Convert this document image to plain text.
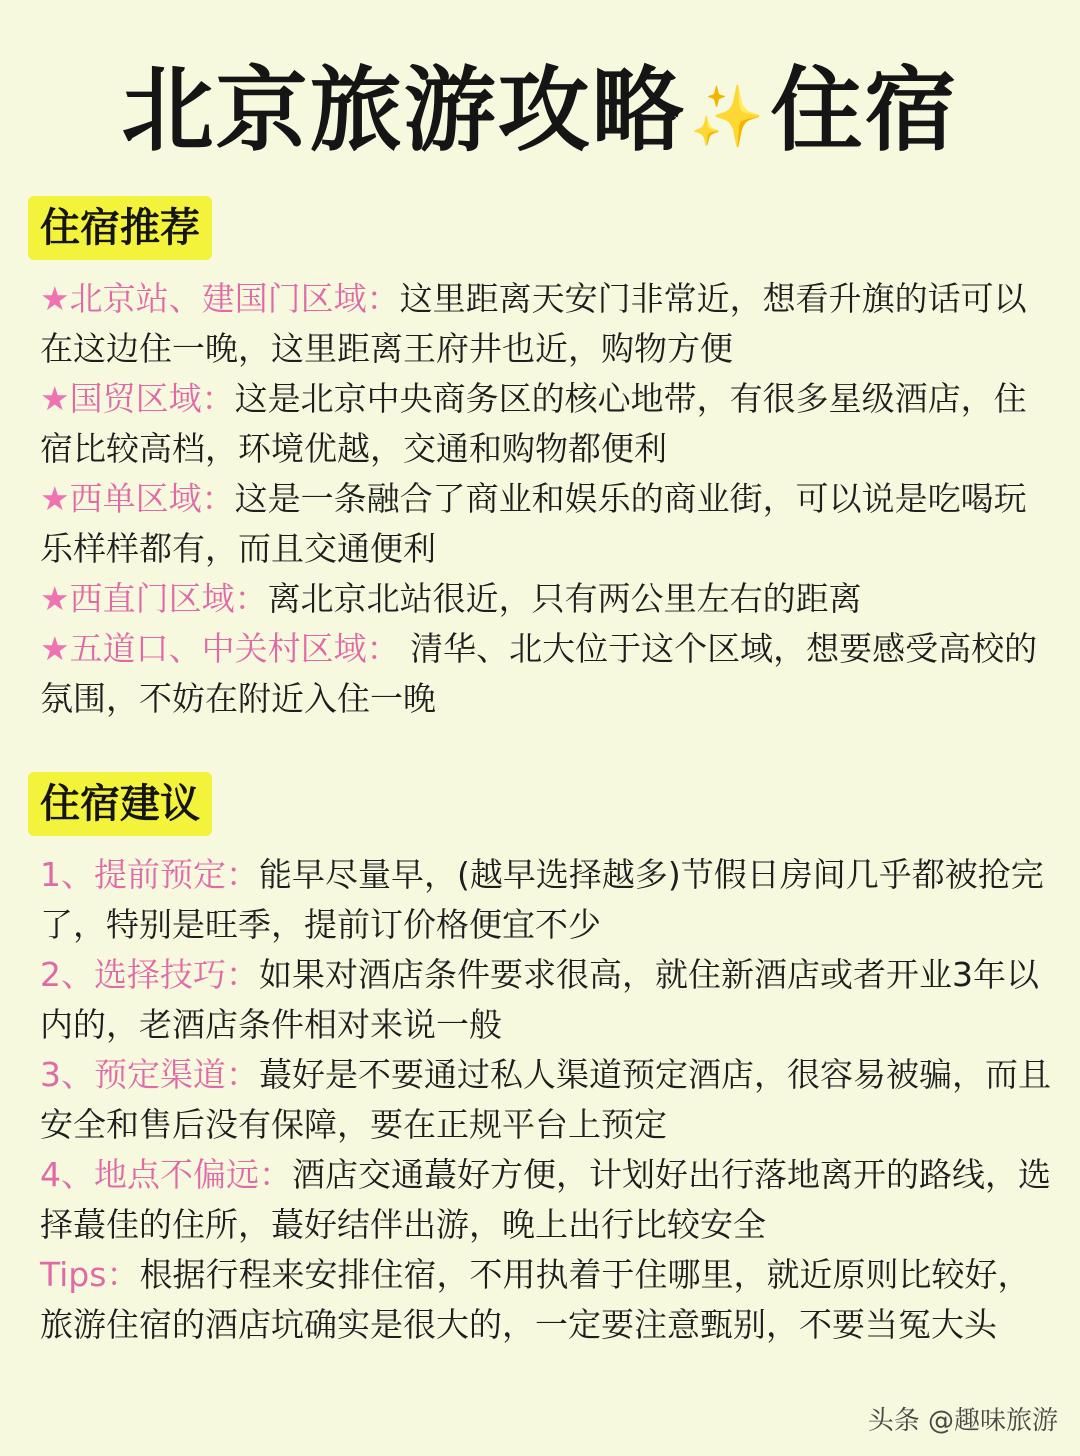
北京旅游攻略✨住宿
住宿推荐

★北京站、建国门区域：这里距离天安门非常近，想看升旗的话可以在这边住一晚，这里距离王府井也近，购物方便

★国贸区域：这是北京中央商务区的核心地带，有很多星级酒店，住宿比较高档，环境优越，交通和购物都便利

★西单区域：这是一条融合了商业和娱乐的商业街，可以说是吃喝玩乐样样都有，而且交通便利

★西直门区域：离北京北站很近，只有两公里左右的距离

★五道口、中关村区域： 清华、北大位于这个区域，想要感受高校的氛围，不妨在附近入住一晚

住宿建议

1、提前预定：能早尽量早，(越早选择越多)节假日房间几乎都被抢完了，特别是旺季，提前订价格便宜不少

2、选择技巧：如果对酒店条件要求很高，就住新酒店或者开业3年以内的，老酒店条件相对来说一般

3、预定渠道：蕞好是不要通过私人渠道预定酒店，很容易被骗，而且安全和售后没有保障，要在正规平台上预定

4、地点不偏远：酒店交通蕞好方便，计划好出行落地离开的路线，选择蕞佳的住所，蕞好结伴出游，晚上出行比较安全

Tips：根据行程来安排住宿，不用执着于住哪里，就近原则比较好，旅游住宿的酒店坑确实是很大的，一定要注意甄别，不要当冤大头

头条 @趣味旅游
